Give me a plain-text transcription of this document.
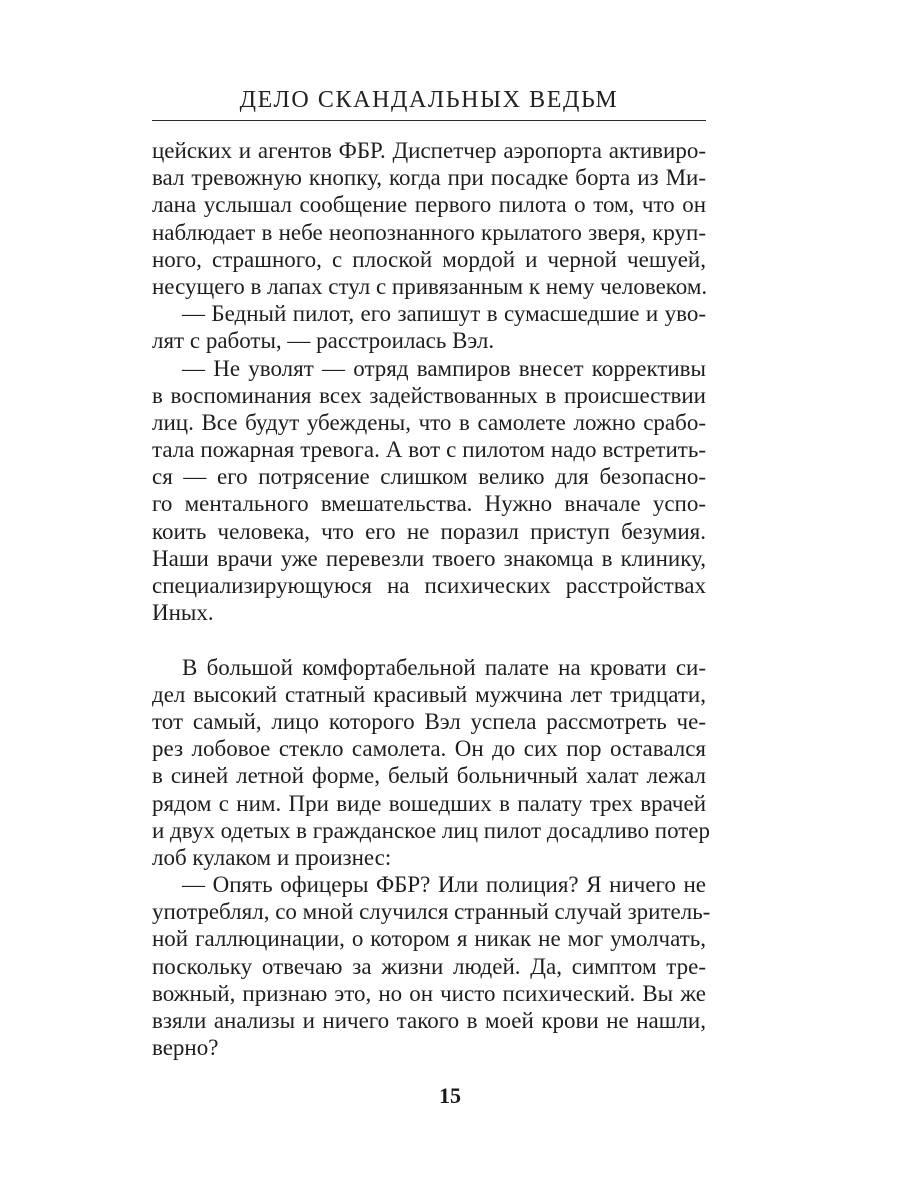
ДЕЛО СКАНДАЛЬНЫХ ВЕДЬМ
цейских и агентов ФБР. Диспетчер аэропорта активиро-
вал тревожную кнопку, когда при посадке борта из Ми-
лана услышал сообщение первого пилота о том, что он
наблюдает в небе неопознанного крылатого зверя, круп-
ного, страшного, с плоской мордой и черной чешуей,
несущего в лапах стул с привязанным к нему человеком.
— Бедный пилот, его запишут в сумасшедшие и уво-
лят с работы, — расстроилась Вэл.
— Не уволят — отряд вампиров внесет коррективы
в воспоминания всех задействованных в происшествии
лиц. Все будут убеждены, что в самолете ложно срабо-
тала пожарная тревога. А вот с пилотом надо встретить-
ся — его потрясение слишком велико для безопасно-
го ментального вмешательства. Нужно вначале успо-
коить человека, что его не поразил приступ безумия.
Наши врачи уже перевезли твоего знакомца в клинику,
специализирующуюся на психических расстройствах
Иных.
В большой комфортабельной палате на кровати си-
дел высокий статный красивый мужчина лет тридцати,
тот самый, лицо которого Вэл успела рассмотреть че-
рез лобовое стекло самолета. Он до сих пор оставался
в синей летной форме, белый больничный халат лежал
рядом с ним. При виде вошедших в палату трех врачей
и двух одетых в гражданское лиц пилот досадливо потер
лоб кулаком и произнес:
— Опять офицеры ФБР? Или полиция? Я ничего не
употреблял, со мной случился странный случай зритель-
ной галлюцинации, о котором я никак не мог умолчать,
поскольку отвечаю за жизни людей. Да, симптом тре-
вожный, признаю это, но он чисто психический. Вы же
взяли анализы и ничего такого в моей крови не нашли,
верно?
15
